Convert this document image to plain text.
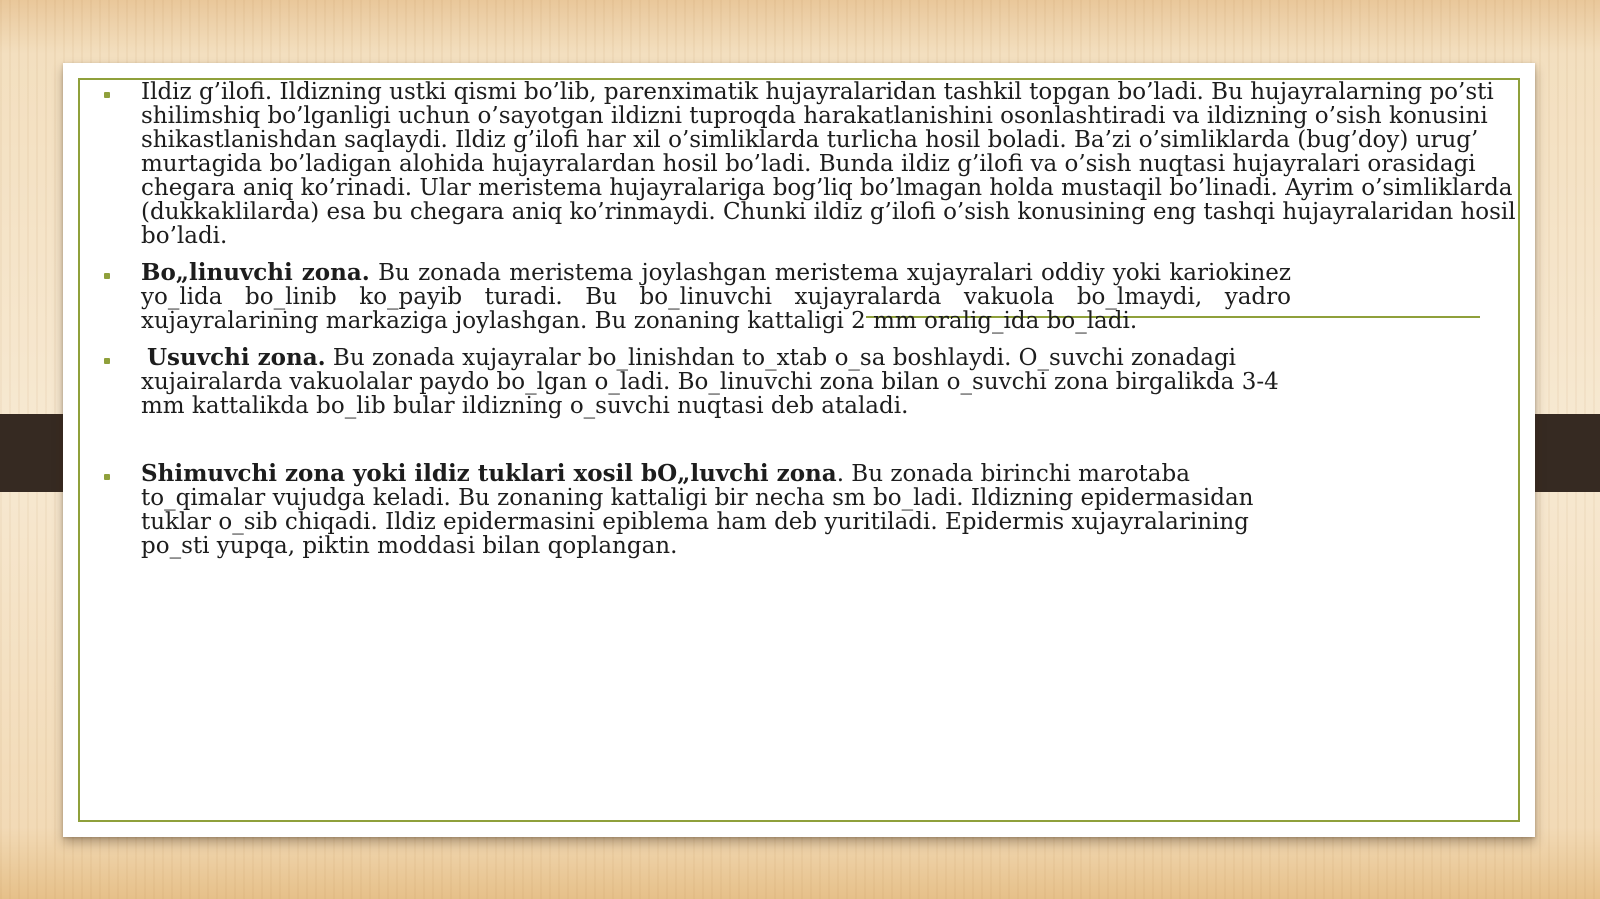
Ildiz g’ilofi. Ildizning ustki qismi bo’lib, parenximatik hujayralaridan tashkil topgan bo’ladi. Bu hujayralarning po’sti shilimshiq bo’lganligi uchun o’sayotgan ildizni tuproqda harakatlanishini osonlashtiradi va ildizning o’sish konusini shikastlanishdan saqlaydi. Ildiz g’ilofi har xil o’simliklarda turlicha hosil boladi. Ba’zi o’simliklarda (bug’doy) urug’ murtagida bo’ladigan alohida hujayralardan hosil bo’ladi. Bunda ildiz g’ilofi va o’sish nuqtasi hujayralari orasidagi chegara aniq ko’rinadi. Ular meristema hujayralariga bog’liq bo’lmagan holda mustaqil bo’linadi. Ayrim o’simliklarda (dukkaklilarda) esa bu chegara aniq ko’rinmaydi. Chunki ildiz g’ilofi o’sish konusining eng tashqi hujayralaridan hosil bo’ladi.

Bo„linuvchi zona. Bu zonada meristema joylashgan meristema xujayralari oddiy yoki kariokinez yo_lida bo_linib ko_payib turadi. Bu bo_linuvchi xujayralarda vakuola bo_lmaydi, yadro xujayralarining markaziga joylashgan. Bu zonaning kattaligi 2 mm oralig_ida bo_ladi.

Usuvchi zona. Bu zonada xujayralar bo_linishdan to_xtab o_sa boshlaydi. O_suvchi zonadagi xujairalarda vakuolalar paydo bo_lgan o_ladi. Bo_linuvchi zona bilan o_suvchi zona birgalikda 3-4 mm kattalikda bo_lib bular ildizning o_suvchi nuqtasi deb ataladi.

Shimuvchi zona yoki ildiz tuklari xosil bO„luvchi zona. Bu zonada birinchi marotaba to_qimalar vujudga keladi. Bu zonaning kattaligi bir necha sm bo_ladi. Ildizning epidermasidan tuklar o_sib chiqadi. Ildiz epidermasini epiblema ham deb yuritiladi. Epidermis xujayralarining po_sti yupqa, piktin moddasi bilan qoplangan.
